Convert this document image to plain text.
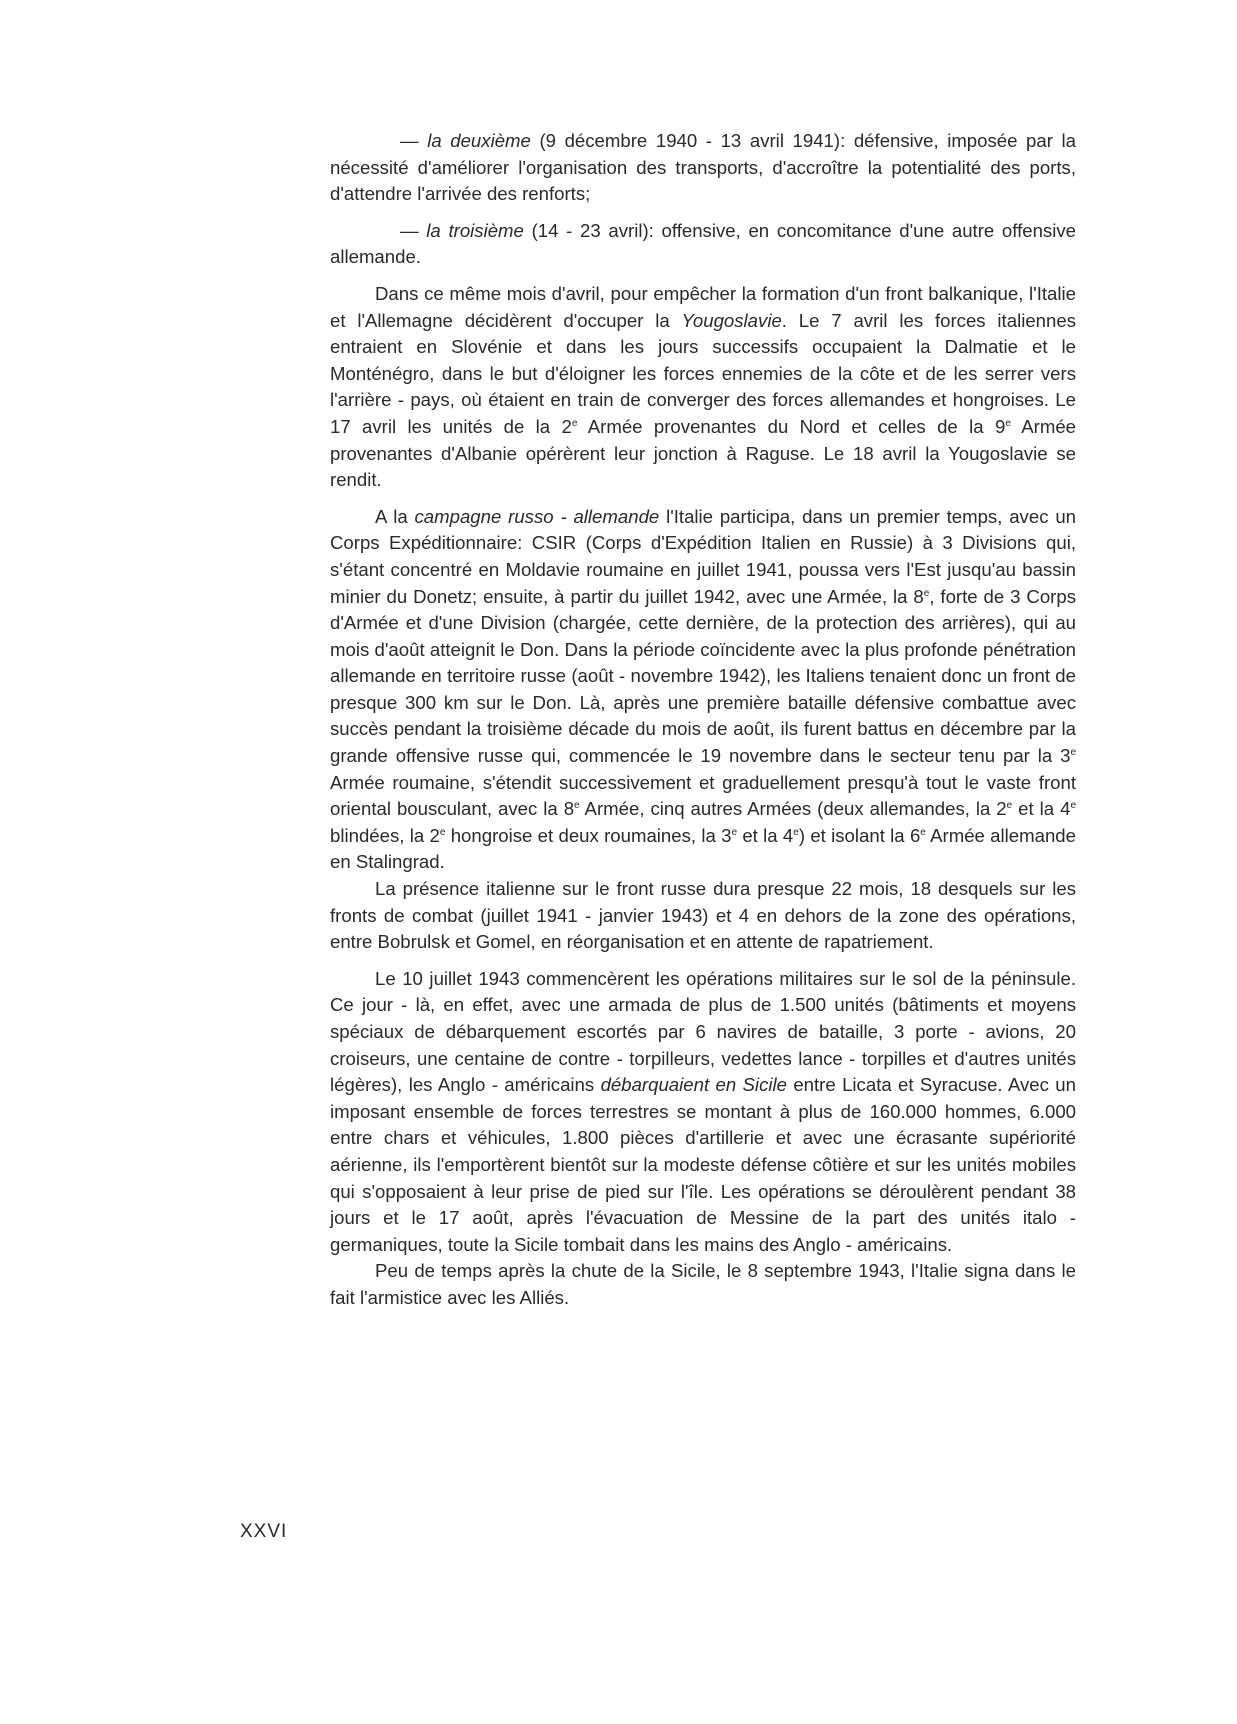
— la deuxième (9 décembre 1940 - 13 avril 1941): défensive, imposée par la nécessité d'améliorer l'organisation des transports, d'accroître la potentialité des ports, d'attendre l'arrivée des renforts;

— la troisième (14 - 23 avril): offensive, en concomitance d'une autre offensive allemande.

Dans ce même mois d'avril, pour empêcher la formation d'un front balkanique, l'Italie et l'Allemagne décidèrent d'occuper la Yougoslavie. Le 7 avril les forces italiennes entraient en Slovénie et dans les jours successifs occupaient la Dalmatie et le Monténégro, dans le but d'éloigner les forces ennemies de la côte et de les serrer vers l'arrière - pays, où étaient en train de converger des forces allemandes et hongroises. Le 17 avril les unités de la 2e Armée provenantes du Nord et celles de la 9e Armée provenantes d'Albanie opérèrent leur jonction à Raguse. Le 18 avril la Yougoslavie se rendit.

A la campagne russo - allemande l'Italie participa, dans un premier temps, avec un Corps Expéditionnaire: CSIR (Corps d'Expédition Italien en Russie) à 3 Divisions qui, s'étant concentré en Moldavie roumaine en juillet 1941, poussa vers l'Est jusqu'au bassin minier du Donetz; ensuite, à partir du juillet 1942, avec une Armée, la 8e, forte de 3 Corps d'Armée et d'une Division (chargée, cette dernière, de la protection des arrières), qui au mois d'août atteignit le Don. Dans la période coïncidente avec la plus profonde pénétration allemande en territoire russe (août - novembre 1942), les Italiens tenaient donc un front de presque 300 km sur le Don. Là, après une première bataille défensive combattue avec succès pendant la troisième décade du mois de août, ils furent battus en décembre par la grande offensive russe qui, commencée le 19 novembre dans le secteur tenu par la 3e Armée roumaine, s'étendit successivement et graduellement presqu'à tout le vaste front oriental bousculant, avec la 8e Armée, cinq autres Armées (deux allemandes, la 2e et la 4e blindées, la 2e hongroise et deux roumaines, la 3e et la 4e) et isolant la 6e Armée allemande en Stalingrad.

La présence italienne sur le front russe dura presque 22 mois, 18 desquels sur les fronts de combat (juillet 1941 - janvier 1943) et 4 en dehors de la zone des opérations, entre Bobrulsk et Gomel, en réorganisation et en attente de rapatriement.

Le 10 juillet 1943 commencèrent les opérations militaires sur le sol de la péninsule. Ce jour - là, en effet, avec une armada de plus de 1.500 unités (bâtiments et moyens spéciaux de débarquement escortés par 6 navires de bataille, 3 porte - avions, 20 croiseurs, une centaine de contre - torpilleurs, vedettes lance - torpilles et d'autres unités légères), les Anglo - américains débarquaient en Sicile entre Licata et Syracuse. Avec un imposant ensemble de forces terrestres se montant à plus de 160.000 hommes, 6.000 entre chars et véhicules, 1.800 pièces d'artillerie et avec une écrasante supériorité aérienne, ils l'emportèrent bientôt sur la modeste défense côtière et sur les unités mobiles qui s'opposaient à leur prise de pied sur l'île. Les opérations se déroulèrent pendant 38 jours et le 17 août, après l'évacuation de Messine de la part des unités italo - germaniques, toute la Sicile tombait dans les mains des Anglo - américains.

Peu de temps après la chute de la Sicile, le 8 septembre 1943, l'Italie signa dans le fait l'armistice avec les Alliés.

XXVI
